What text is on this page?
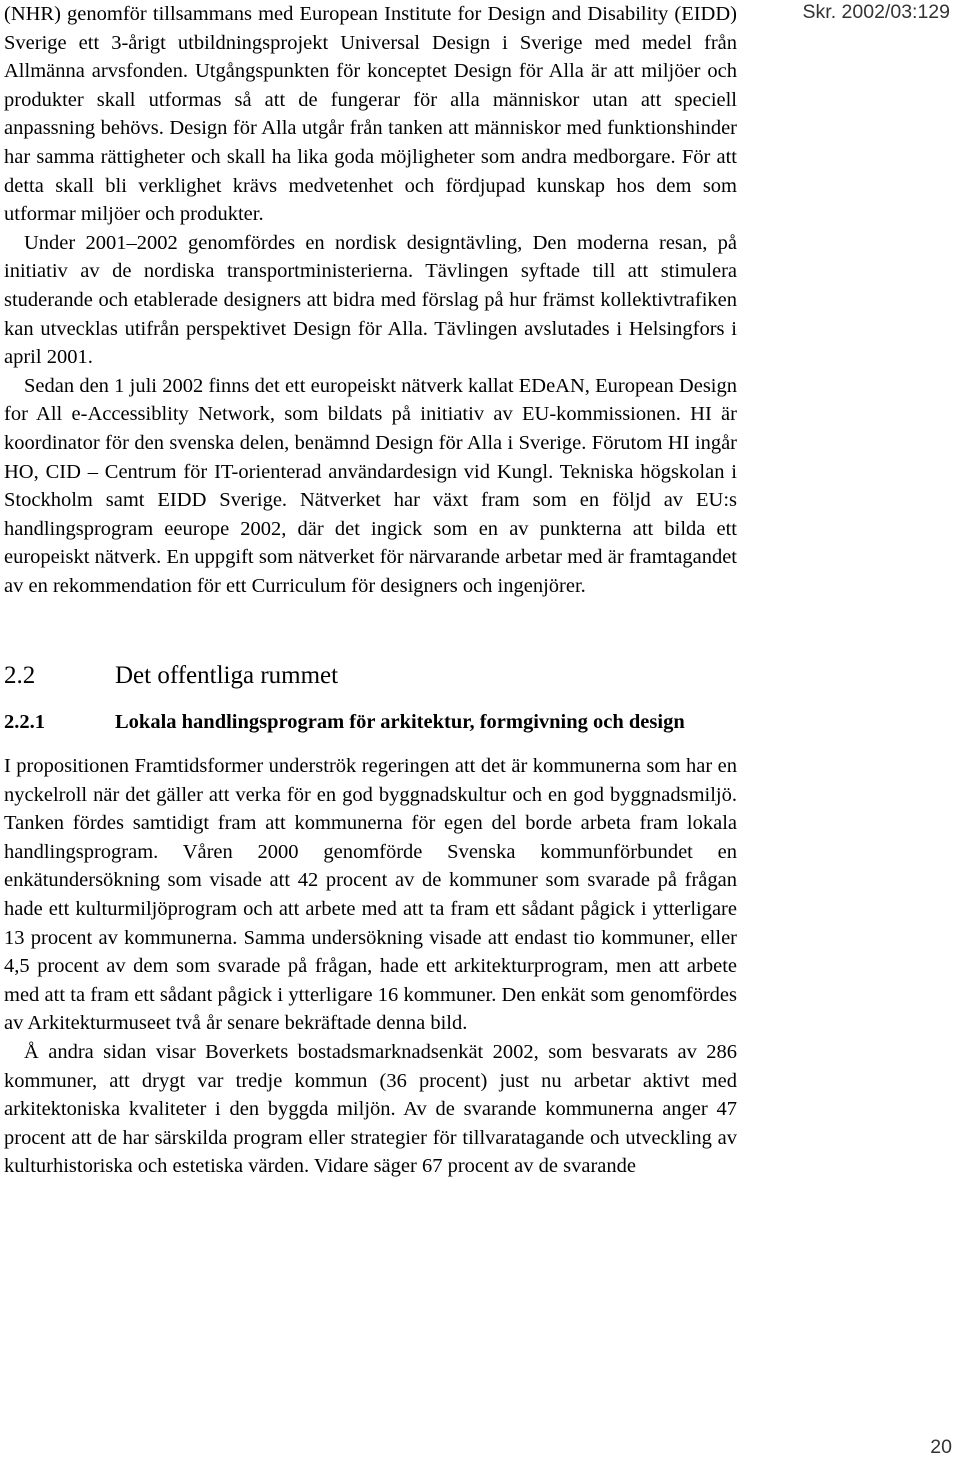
Skr. 2002/03:129

(NHR) genomför tillsammans med European Institute for Design and Disability (EIDD) Sverige ett 3-årigt utbildningsprojekt Universal Design i Sverige med medel från Allmänna arvsfonden. Utgångspunkten för konceptet Design för Alla är att miljöer och produkter skall utformas så att de fungerar för alla människor utan att speciell anpassning behövs. Design för Alla utgår från tanken att människor med funktionshinder har samma rättigheter och skall ha lika goda möjligheter som andra medborgare. För att detta skall bli verklighet krävs medvetenhet och fördjupad kunskap hos dem som utformar miljöer och produkter.

Under 2001–2002 genomfördes en nordisk designtävling, Den moderna resan, på initiativ av de nordiska transportministerierna. Tävlingen syftade till att stimulera studerande och etablerade designers att bidra med förslag på hur främst kollektivtrafiken kan utvecklas utifrån perspektivet Design för Alla. Tävlingen avslutades i Helsingfors i april 2001.

Sedan den 1 juli 2002 finns det ett europeiskt nätverk kallat EDeAN, European Design for All e-Accessiblity Network, som bildats på initiativ av EU-kommissionen. HI är koordinator för den svenska delen, benämnd Design för Alla i Sverige. Förutom HI ingår HO, CID – Centrum för IT-orienterad användardesign vid Kungl. Tekniska högskolan i Stockholm samt EIDD Sverige. Nätverket har växt fram som en följd av EU:s handlingsprogram eeurope 2002, där det ingick som en av punkterna att bilda ett europeiskt nätverk. En uppgift som nätverket för närvarande arbetar med är framtagandet av en rekommendation för ett Curriculum för designers och ingenjörer.

2.2	Det offentliga rummet
2.2.1	Lokala handlingsprogram för arkitektur, formgivning och design

I propositionen Framtidsformer underströk regeringen att det är kommunerna som har en nyckelroll när det gäller att verka för en god byggnadskultur och en god byggnadsmiljö. Tanken fördes samtidigt fram att kommunerna för egen del borde arbeta fram lokala handlingsprogram. Våren 2000 genomförde Svenska kommunförbundet en enkätundersökning som visade att 42 procent av de kommuner som svarade på frågan hade ett kulturmiljöprogram och att arbete med att ta fram ett sådant pågick i ytterligare 13 procent av kommunerna. Samma undersökning visade att endast tio kommuner, eller 4,5 procent av dem som svarade på frågan, hade ett arkitekturprogram, men att arbete med att ta fram ett sådant pågick i ytterligare 16 kommuner. Den enkät som genomfördes av Arkitekturmuseet två år senare bekräftade denna bild.

Å andra sidan visar Boverkets bostadsmarknadsenkät 2002, som besvarats av 286 kommuner, att drygt var tredje kommun (36 procent) just nu arbetar aktivt med arkitektoniska kvaliteter i den byggda miljön. Av de svarande kommunerna anger 47 procent att de har särskilda program eller strategier för tillvaratagande och utveckling av kulturhistoriska och estetiska värden. Vidare säger 67 procent av de svarande

20
